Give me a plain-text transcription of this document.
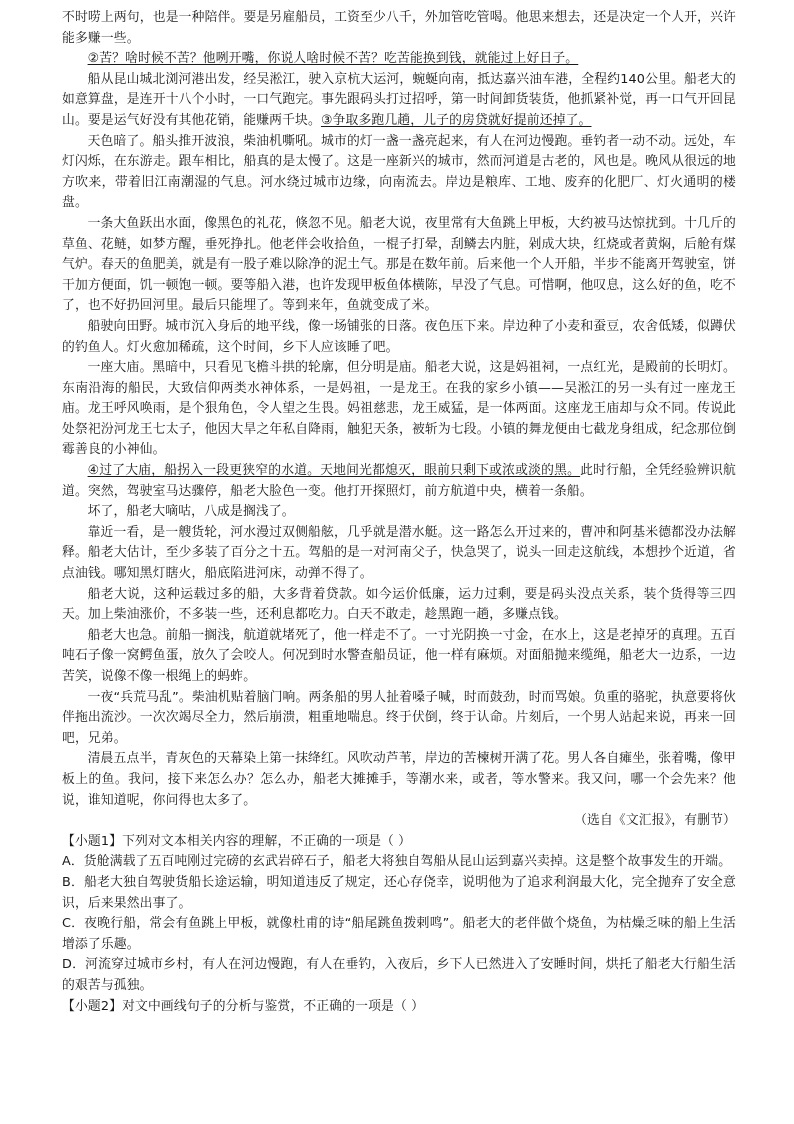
不时唠上两句，也是一种陪伴。要是另雇船员，工资至少八千，外加管吃管喝。他思来想去，还是决定一个人开，兴许能多赚一些。

②苦？啥时候不苦？他咧开嘴，你说人啥时候不苦？吃苦能换到钱，就能过上好日子。

船从昆山城北浏河港出发，经吴淞江，驶入京杭大运河，蜿蜒向南，抵达嘉兴油车港，全程约140公里。船老大的如意算盘，是连开十八个小时，一口气跑完。事先跟码头打过招呼，第一时间卸货装货，他抓紧补觉，再一口气开回昆山。要是运气好没有其他花销，能赚两千块。③争取多跑几趟，儿子的房贷就好提前还掉了。

天色暗了。船头推开波浪，柴油机嘶吼。城市的灯一盏一盏亮起来，有人在河边慢跑。垂钓者一动不动。远处，车灯闪烁，在东游走。跟车相比，船真的是太慢了。这是一座新兴的城市，然而河道是古老的，风也是。晚风从很远的地方吹来，带着旧江南潮湿的气息。河水绕过城市边缘，向南流去。岸边是粮库、工地、废弃的化肥厂、灯火通明的楼盘。

一条大鱼跃出水面，像黑色的礼花，倏忽不见。船老大说，夜里常有大鱼跳上甲板，大约被马达惊扰到。十几斤的草鱼、花鲢，如梦方醒，垂死挣扎。他老伴会收拾鱼，一棍子打晕，刮鳞去内脏，剁成大块，红烧或者黄焖，后舱有煤气炉。春天的鱼肥美，就是有一股子难以除净的泥土气。那是在数年前。后来他一个人开船，半步不能离开驾驶室，饼干加方便面，饥一顿饱一顿。要等船入港，也许发现甲板鱼体横陈，早没了气息。可惜啊，他叹息，这么好的鱼，吃不了，也不好扔回河里。最后只能埋了。等到来年，鱼就变成了米。

船驶向田野。城市沉入身后的地平线，像一场铺张的日落。夜色压下来。岸边种了小麦和蚕豆，农舍低矮，似蹲伏的钓鱼人。灯火愈加稀疏，这个时间，乡下人应该睡了吧。

一座大庙。黑暗中，只看见飞檐斗拱的轮廓，但分明是庙。船老大说，这是妈祖祠，一点红光，是殿前的长明灯。东南沿海的船民，大致信仰两类水神体系，一是妈祖，一是龙王。在我的家乡小镇——吴淞江的另一头有过一座龙王庙。龙王呼风唤雨，是个狠角色，令人望之生畏。妈祖慈悲，龙王威猛，是一体两面。这座龙王庙却与众不同。传说此处祭祀汾河龙王七太子，他因大旱之年私自降雨，触犯天条，被斩为七段。小镇的舞龙便由七截龙身组成，纪念那位倒霉善良的小神仙。

④过了大庙，船拐入一段更狭窄的水道。天地间光都熄灭，眼前只剩下或浓或淡的黑。此时行船，全凭经验辨识航道。突然，驾驶室马达骤停，船老大脸色一变。他打开探照灯，前方航道中央，横着一条船。

坏了，船老大嘀咕，八成是搁浅了。

靠近一看，是一艘货轮，河水漫过双侧船舷，几乎就是潜水艇。这一路怎么开过来的，曹冲和阿基米德都没办法解释。船老大估计，至少多装了百分之十五。驾船的是一对河南父子，快急哭了，说头一回走这航线，本想抄个近道，省点油钱。哪知黑灯瞎火，船底陷进河床，动弹不得了。

船老大说，这种运载过多的船，大多背着贷款。如今运价低廉，运力过剩，要是码头没点关系，装个货得等三四天。加上柴油涨价，不多装一些，还利息都吃力。白天不敢走，趁黑跑一趟，多赚点钱。

船老大也急。前船一搁浅，航道就堵死了，他一样走不了。一寸光阴换一寸金，在水上，这是老掉牙的真理。五百吨石子像一窝鳄鱼蛋，放久了会咬人。何况到时水警查船员证，他一样有麻烦。对面船抛来缆绳，船老大一边系，一边苦笑，说像不像一根绳上的蚂蚱。

一夜“兵荒马乱”。柴油机贴着脑门响。两条船的男人扯着嗓子喊，时而鼓劲，时而骂娘。负重的骆驼，执意要将伙伴拖出流沙。一次次竭尽全力，然后崩溃，粗重地喘息。终于伏倒，终于认命。片刻后，一个男人站起来说，再来一回吧，兄弟。

清晨五点半，青灰色的天幕染上第一抹绛红。风吹动芦苇，岸边的苦楝树开满了花。男人各自瘫坐，张着嘴，像甲板上的鱼。我问，接下来怎么办？怎么办，船老大摊摊手，等潮水来，或者，等水警来。我又问，哪一个会先来？他说，谁知道呢，你问得也太多了。

（选自《文汇报》，有删节）

【小题1】下列对文本相关内容的理解，不正确的一项是（ ）

A．货舱满载了五百吨刚过完磅的玄武岩碎石子，船老大将独自驾船从昆山运到嘉兴卖掉。这是整个故事发生的开端。

B．船老大独自驾驶货船长途运输，明知道违反了规定，还心存侥幸，说明他为了追求利润最大化，完全抛弃了安全意识，后来果然出事了。

C．夜晚行船，常会有鱼跳上甲板，就像杜甫的诗“船尾跳鱼拨剌鸣”。船老大的老伴做个烧鱼，为枯燥乏味的船上生活增添了乐趣。

D．河流穿过城市乡村，有人在河边慢跑，有人在垂钓，入夜后，乡下人已然进入了安睡时间，烘托了船老大行船生活的艰苦与孤独。

【小题2】对文中画线句子的分析与鉴赏，不正确的一项是（ ）
